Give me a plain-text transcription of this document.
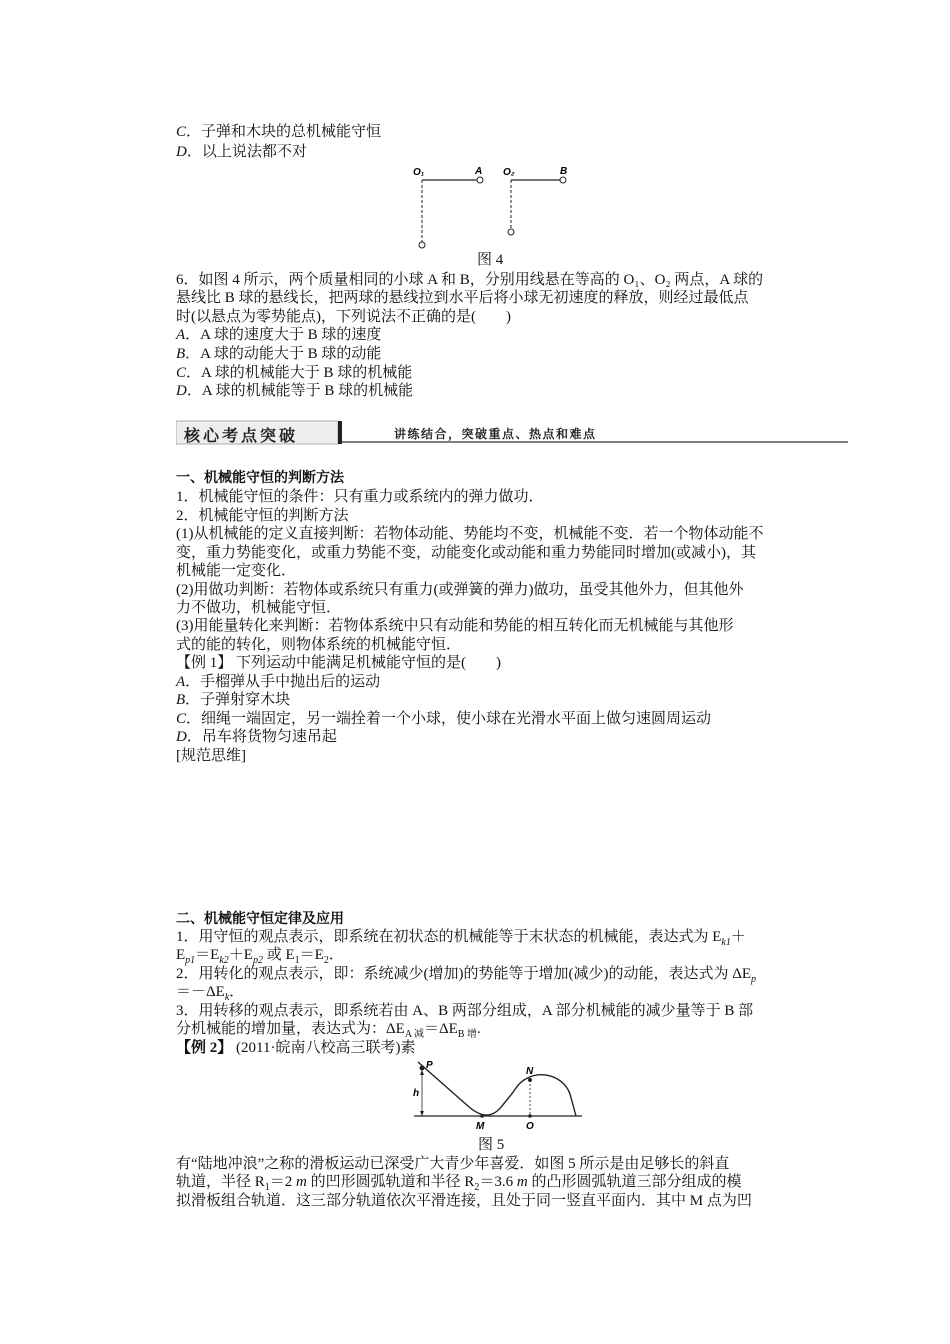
C．子弹和木块的总机械能守恒
D．以上说法都不对
O₁	A O₂	B
图 4
6．如图 4 所示，两个质量相同的小球 A 和 B，分别用线悬在等高的 O₁、O₂ 两点，A 球的
悬线比 B 球的悬线长，把两球的悬线拉到水平后将小球无初速度的释放，则经过最低点
时(以悬点为零势能点)，下列说法不正确的是(　　)
A．A 球的速度大于 B 球的速度
B．A 球的动能大于 B 球的动能
C．A 球的机械能大于 B 球的机械能
D．A 球的机械能等于 B 球的机械能
核心考点突破	讲练结合，突破重点、热点和难点
一、机械能守恒的判断方法
1．机械能守恒的条件：只有重力或系统内的弹力做功．
2．机械能守恒的判断方法
(1)从机械能的定义直接判断：若物体动能、势能均不变，机械能不变．若一个物体动能不
变，重力势能变化，或重力势能不变，动能变化或动能和重力势能同时增加(或减小)，其
机械能一定变化．
(2)用做功判断：若物体或系统只有重力(或弹簧的弹力)做功，虽受其他外力，但其他外
力不做功，机械能守恒．
(3)用能量转化来判断：若物体系统中只有动能和势能的相互转化而无机械能与其他形
式的能的转化，则物体系统的机械能守恒．
【例 1】 下列运动中能满足机械能守恒的是(　　)
A．手榴弹从手中抛出后的运动
B．子弹射穿木块
C．细绳一端固定，另一端拴着一个小球，使小球在光滑水平面上做匀速圆周运动
D．吊车将货物匀速吊起
[规范思维]
二、机械能守恒定律及应用
1．用守恒的观点表示，即系统在初状态的机械能等于末状态的机械能，表达式为 $E_{k1}+$
$E_{p1}=E_{k2}+E_{p2}$ 或 $E_1=E_2$．
2．用转化的观点表示，即：系统减少(增加)的势能等于增加(减少)的动能，表达式为 $\Delta E_p$
$=-\Delta E_k$．
3．用转移的观点表示，即系统若由 A、B 两部分组成，A 部分机械能的减少量等于 B 部
分机械能的增加量，表达式为：$\Delta E_{A 减}=\Delta E_{B 增}$.
【例 2】 (2011·皖南八校高三联考)素
P
N
h
M	O
图 5
有“陆地冲浪”之称的滑板运动已深受广大青少年喜爱．如图 5 所示是由足够长的斜直
轨道，半径 $R_1=2$ m 的凹形圆弧轨道和半径 $R_2=3.6$ m 的凸形圆弧轨道三部分组成的模
拟滑板组合轨道．这三部分轨道依次平滑连接，且处于同一竖直平面内．其中 M 点为凹
